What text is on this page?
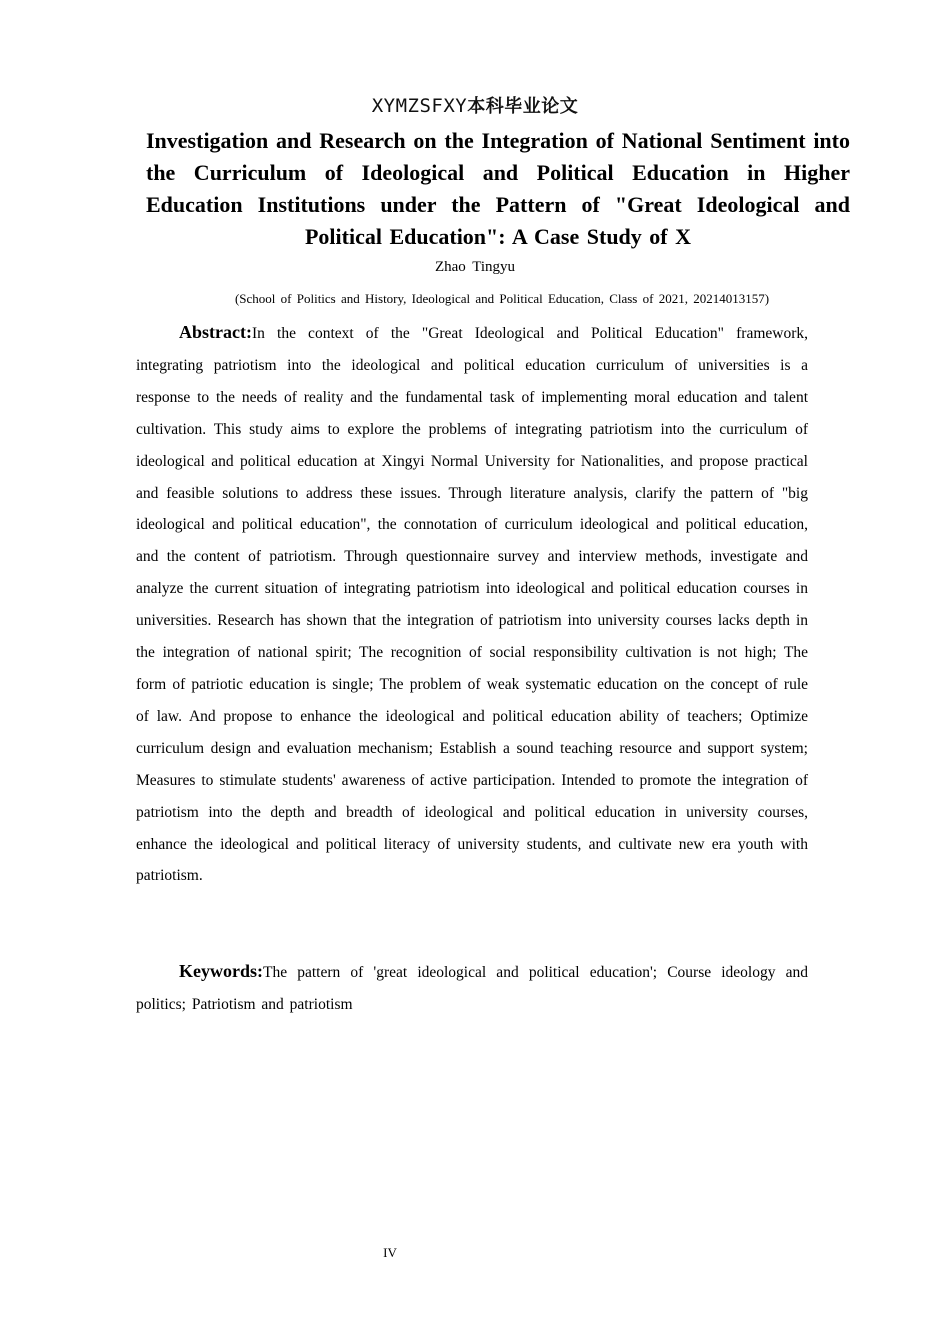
XYMZSFXY本科毕业论文
Investigation and Research on the Integration of National Sentiment into the Curriculum of Ideological and Political Education in Higher Education Institutions under the Pattern of "Great Ideological and Political Education": A Case Study of X
Zhao Tingyu
(School of Politics and History, Ideological and Political Education, Class of 2021, 20214013157)

Abstract:In the context of the "Great Ideological and Political Education" framework, integrating patriotism into the ideological and political education curriculum of universities is a response to the needs of reality and the fundamental task of implementing moral education and talent cultivation. This study aims to explore the problems of integrating patriotism into the curriculum of ideological and political education at Xingyi Normal University for Nationalities, and propose practical and feasible solutions to address these issues. Through literature analysis, clarify the pattern of "big ideological and political education", the connotation of curriculum ideological and political education, and the content of patriotism. Through questionnaire survey and interview methods, investigate and analyze the current situation of integrating patriotism into ideological and political education courses in universities. Research has shown that the integration of patriotism into university courses lacks depth in the integration of national spirit; The recognition of social responsibility cultivation is not high; The form of patriotic education is single; The problem of weak systematic education on the concept of rule of law. And propose to enhance the ideological and political education ability of teachers; Optimize curriculum design and evaluation mechanism; Establish a sound teaching resource and support system; Measures to stimulate students' awareness of active participation. Intended to promote the integration of patriotism into the depth and breadth of ideological and political education in university courses, enhance the ideological and political literacy of university students, and cultivate new era youth with patriotism.

Keywords:The pattern of 'great ideological and political education'; Course ideology and politics; Patriotism and patriotism

IV
